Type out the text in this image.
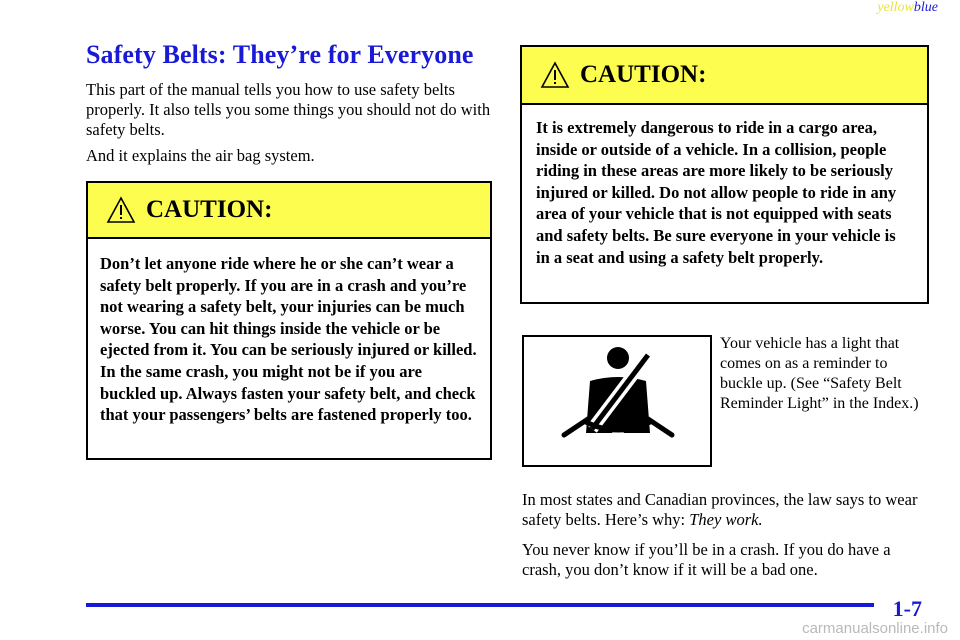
yellowblue
Safety Belts: They’re for Everyone

This part of the manual tells you how to use safety belts properly. It also tells you some things you should not do with safety belts.

And it explains the air bag system.

CAUTION:
Don’t let anyone ride where he or she can’t wear a safety belt properly. If you are in a crash and you’re not wearing a safety belt, your injuries can be much worse. You can hit things inside the vehicle or be ejected from it. You can be seriously injured or killed. In the same crash, you might not be if you are buckled up. Always fasten your safety belt, and check that your passengers’ belts are fastened properly too.
CAUTION:
It is extremely dangerous to ride in a cargo area, inside or outside of a vehicle. In a collision, people riding in these areas are more likely to be seriously injured or killed. Do not allow people to ride in any area of your vehicle that is not equipped with seats and safety belts. Be sure everyone in your vehicle is in a seat and using a safety belt properly.

Your vehicle has a light that comes on as a reminder to buckle up. (See “Safety Belt Reminder Light” in the Index.)

In most states and Canadian provinces, the law says to wear safety belts. Here’s why: They work.

You never know if you’ll be in a crash. If you do have a crash, you don’t know if it will be a bad one.

1-7
carmanualsonline.info
